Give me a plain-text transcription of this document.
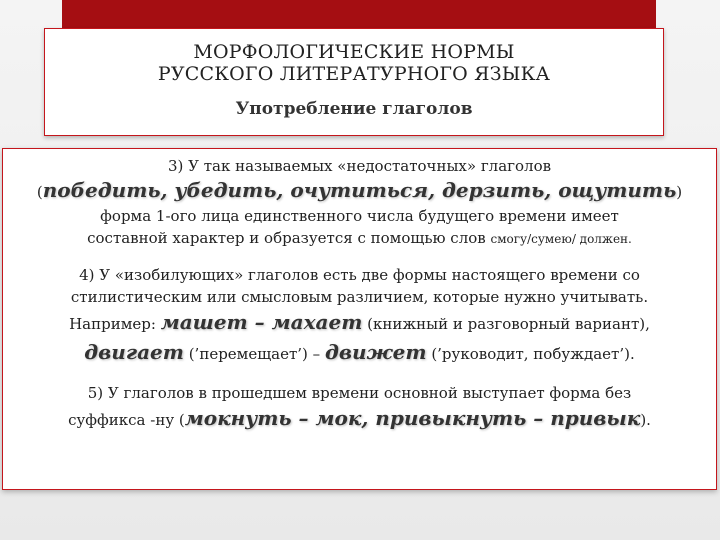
МОРФОЛОГИЧЕСКИЕ НОРМЫ
РУССКОГО ЛИТЕРАТУРНОГО ЯЗЫКА
Употребление глаголов

3) У так называемых «недостаточных» глаголов

(победить, убедить, очутиться, дерзить, ощутить)

форма 1-ого лица единственного числа будущего времени имеет

составной характер и образуется с помощью слов смогу/сумею/ должен.

4) У «изобилующих» глаголов есть две формы настоящего времени со

стилистическим или смысловым различием, которые нужно учитывать.

Например: машет – махает (книжный и разговорный вариант),

двигает (’перемещает’) – движет (’руководит, побуждает’).

5) У глаголов в прошедшем времени основной выступает форма без

суффикса -ну (мокнуть – мок, привыкнуть – привык).
